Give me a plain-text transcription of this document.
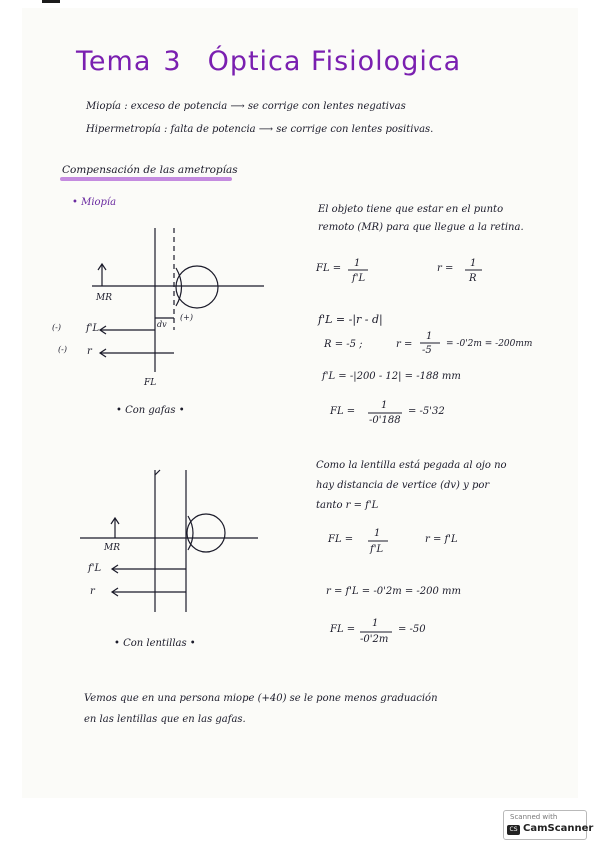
Tema 3 Óptica Fisiologica
Miopía : exceso de potencia ⟶ se corrige con lentes negativas
Hipermetropía : falta de potencia ⟶ se corrige con lentes positivas.
Compensación de las ametropías
• Miopía
MR
f'L	dv
(+)
(-)
(-) r
FL
• Con gafas •
El objeto tiene que estar en el punto
remoto (MR) para que llegue a la retina.
FL = 1
f'L
r = 1
R
f'L = -|r - d|
R = -5 ;	r =
1
-5
= -0'2m = -200mm
f'L = -|200 - 12| = -188 mm
FL =
1
-0'188
= -5'32
Como la lentilla está pegada al ojo no
hay distancia de vertice (dv) y por
tanto r = f'L
FL =
1
f'L
r = f'L
r = f'L = -0'2m = -200 mm
FL =
1
-0'2m
= -50
MR
f'L
r
• Con lentillas •
Vemos que en una persona miope (+40) se le pone menos graduación
en las lentillas que en las gafas.
Scanned with
CS CamScanner
